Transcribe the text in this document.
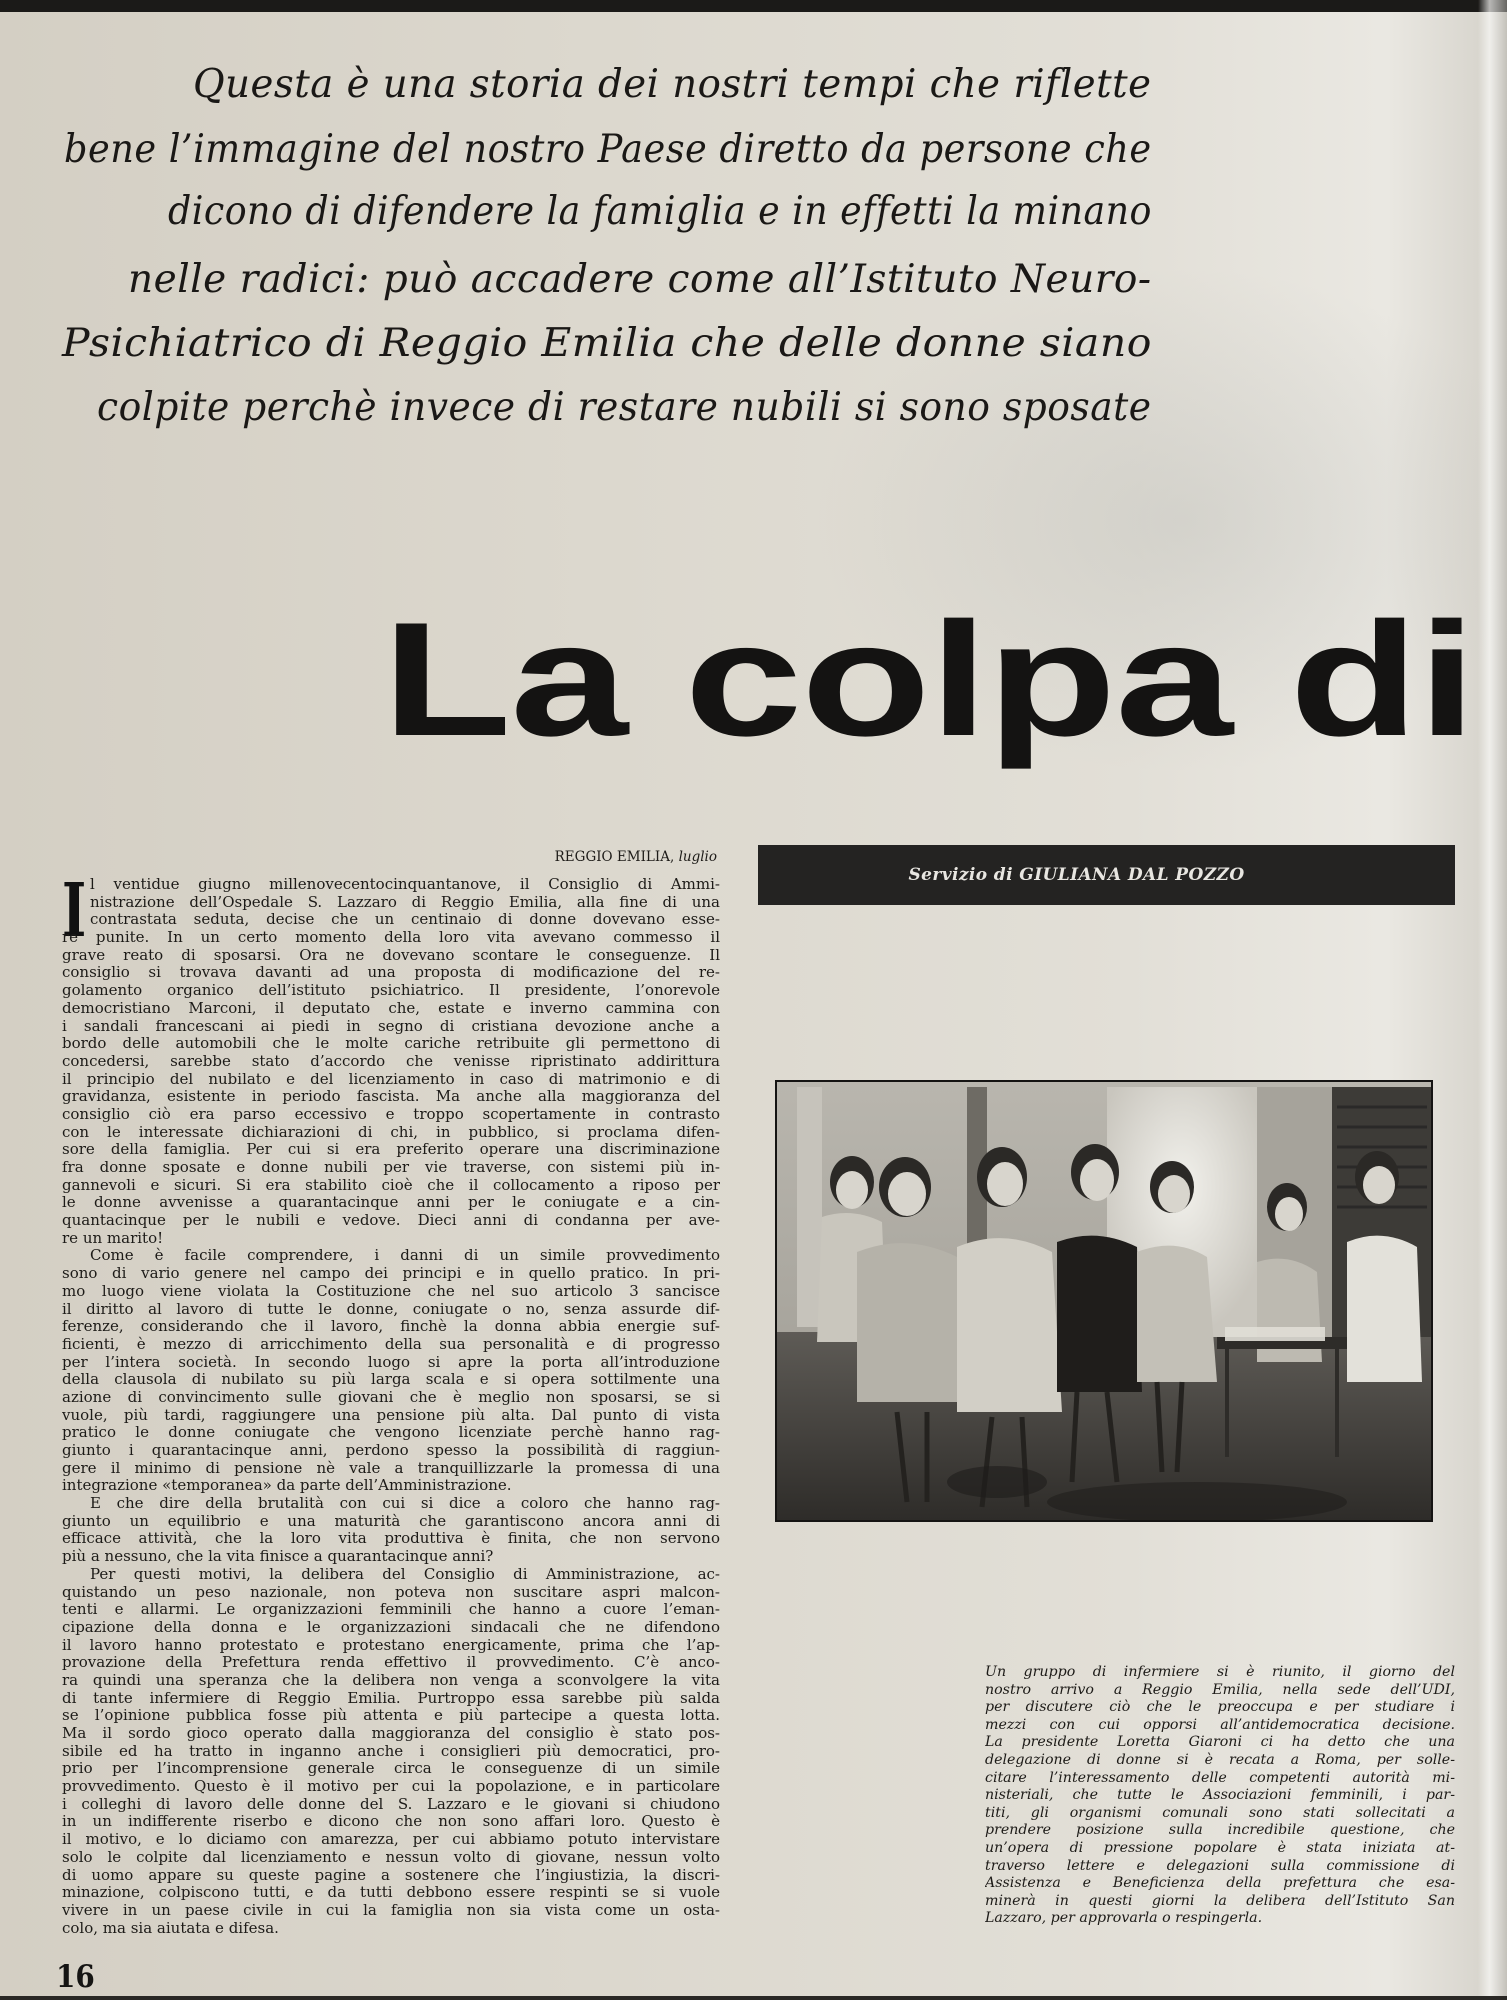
Questa è una storia dei nostri tempi che riflette
bene l’immagine del nostro Paese diretto da persone che
dicono di difendere la famiglia e in effetti la minano
nelle radici: può accadere come all’Istituto Neuro-
Psichiatrico di Reggio Emilia che delle donne siano
colpite perchè invece di restare nubili si sono sposate
La colpa di
REGGIO EMILIA, luglio
Servizio di GIULIANA DAL POZZO
I l ventidue giugno millenovecentocinquantanove, il Consiglio di Ammi-
nistrazione dell’Ospedale S. Lazzaro di Reggio Emilia, alla fine di una
contrastata seduta, decise che un centinaio di donne dovevano esse-
re punite. In un certo momento della loro vita avevano commesso il
grave reato di sposarsi. Ora ne dovevano scontare le conseguenze. Il
consiglio si trovava davanti ad una proposta di modificazione del re-
golamento organico dell’istituto psichiatrico. Il presidente, l’onorevole
democristiano Marconi, il deputato che, estate e inverno cammina con
i sandali francescani ai piedi in segno di cristiana devozione anche a
bordo delle automobili che le molte cariche retribuite gli permettono di
concedersi, sarebbe stato d’accordo che venisse ripristinato addirittura
il principio del nubilato e del licenziamento in caso di matrimonio e di
gravidanza, esistente in periodo fascista. Ma anche alla maggioranza del
consiglio ciò era parso eccessivo e troppo scopertamente in contrasto
con le interessate dichiarazioni di chi, in pubblico, si proclama difen-
sore della famiglia. Per cui si era preferito operare una discriminazione
fra donne sposate e donne nubili per vie traverse, con sistemi più in-
gannevoli e sicuri. Si era stabilito cioè che il collocamento a riposo per
le donne avvenisse a quarantacinque anni per le coniugate e a cin-
quantacinque per le nubili e vedove. Dieci anni di condanna per ave-
re un marito!
Come è facile comprendere, i danni di un simile provvedimento
sono di vario genere nel campo dei principi e in quello pratico. In pri-
mo luogo viene violata la Costituzione che nel suo articolo 3 sancisce
il diritto al lavoro di tutte le donne, coniugate o no, senza assurde dif-
ferenze, considerando che il lavoro, finchè la donna abbia energie suf-
ficienti, è mezzo di arricchimento della sua personalità e di progresso
per l’intera società. In secondo luogo si apre la porta all’introduzione
della clausola di nubilato su più larga scala e si opera sottilmente una
azione di convincimento sulle giovani che è meglio non sposarsi, se si
vuole, più tardi, raggiungere una pensione più alta. Dal punto di vista
pratico le donne coniugate che vengono licenziate perchè hanno rag-
giunto i quarantacinque anni, perdono spesso la possibilità di raggiun-
gere il minimo di pensione nè vale a tranquillizzarle la promessa di una
integrazione «temporanea» da parte dell’Amministrazione.
E che dire della brutalità con cui si dice a coloro che hanno rag-
giunto un equilibrio e una maturità che garantiscono ancora anni di
efficace attività, che la loro vita produttiva è finita, che non servono
più a nessuno, che la vita finisce a quarantacinque anni?
Per questi motivi, la delibera del Consiglio di Amministrazione, ac-
quistando un peso nazionale, non poteva non suscitare aspri malcon-
tenti e allarmi. Le organizzazioni femminili che hanno a cuore l’eman-
cipazione della donna e le organizzazioni sindacali che ne difendono
il lavoro hanno protestato e protestano energicamente, prima che l’ap-
provazione della Prefettura renda effettivo il provvedimento. C’è anco-
ra quindi una speranza che la delibera non venga a sconvolgere la vita
di tante infermiere di Reggio Emilia. Purtroppo essa sarebbe più salda
se l’opinione pubblica fosse più attenta e più partecipe a questa lotta.
Ma il sordo gioco operato dalla maggioranza del consiglio è stato pos-
sibile ed ha tratto in inganno anche i consiglieri più democratici, pro-
prio per l’incomprensione generale circa le conseguenze di un simile
provvedimento. Questo è il motivo per cui la popolazione, e in particolare
i colleghi di lavoro delle donne del S. Lazzaro e le giovani si chiudono
in un indifferente riserbo e dicono che non sono affari loro. Questo è
il motivo, e lo diciamo con amarezza, per cui abbiamo potuto intervistare
solo le colpite dal licenziamento e nessun volto di giovane, nessun volto
di uomo appare su queste pagine a sostenere che l’ingiustizia, la discri-
minazione, colpiscono tutti, e da tutti debbono essere respinti se si vuole
vivere in un paese civile in cui la famiglia non sia vista come un osta-
colo, ma sia aiutata e difesa.
Un gruppo di infermiere si è riunito, il giorno del
nostro arrivo a Reggio Emilia, nella sede dell’UDI,
per discutere ciò che le preoccupa e per studiare i
mezzi con cui opporsi all’antidemocratica decisione.
La presidente Loretta Giaroni ci ha detto che una
delegazione di donne si è recata a Roma, per solle-
citare l’interessamento delle competenti autorità mi-
nisteriali, che tutte le Associazioni femminili, i par-
titi, gli organismi comunali sono stati sollecitati a
prendere posizione sulla incredibile questione, che
un’opera di pressione popolare è stata iniziata at-
traverso lettere e delegazioni sulla commissione di
Assistenza e Beneficienza della prefettura che esa-
minerà in questi giorni la delibera dell’Istituto San
Lazzaro, per approvarla o respingerla.
16
